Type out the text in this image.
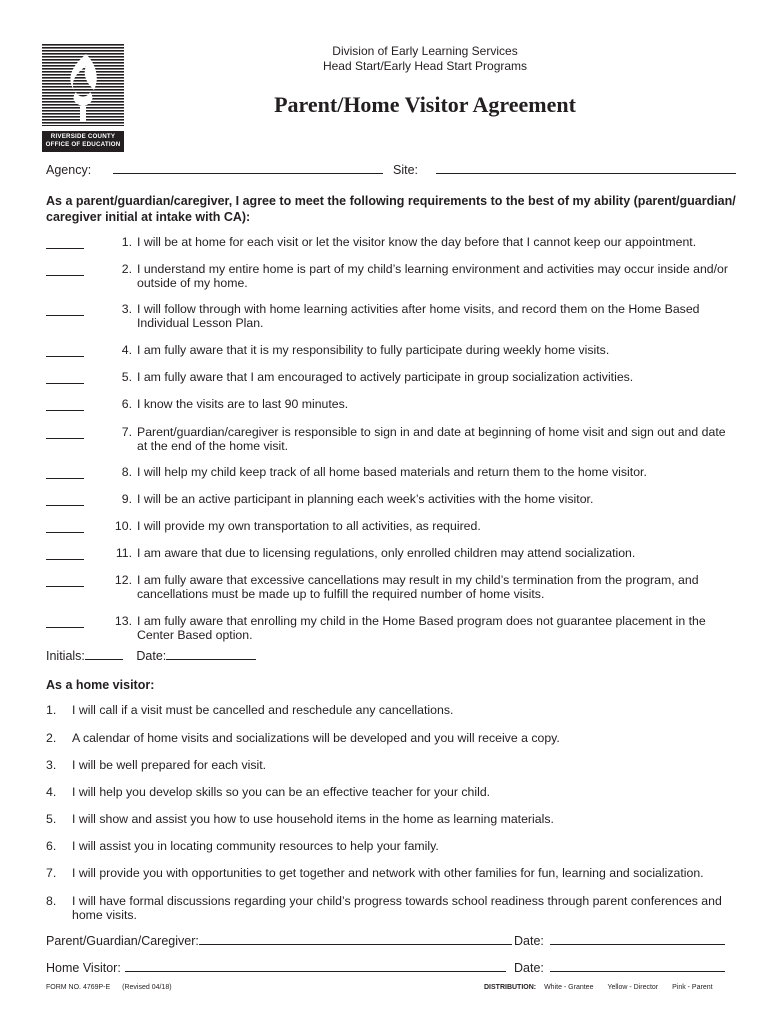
RIVERSIDE COUNTY
OFFICE OF EDUCATION
Division of Early Learning Services
Head Start/Early Head Start Programs
Parent/Home Visitor Agreement
Agency:	Site:
As a parent/guardian/caregiver, I agree to meet the following requirements to the best of my ability (parent/guardian/ caregiver initial at intake with CA):
1. I will be at home for each visit or let the visitor know the day before that I cannot keep our appointment.
2. I understand my entire home is part of my child’s learning environment and activities may occur inside and/or outside of my home.
3. I will follow through with home learning activities after home visits, and record them on the Home Based Individual Lesson Plan.
4. I am fully aware that it is my responsibility to fully participate during weekly home visits.
5. I am fully aware that I am encouraged to actively participate in group socialization activities.
6. I know the visits are to last 90 minutes.
7. Parent/guardian/caregiver is responsible to sign in and date at beginning of home visit and sign out and date at the end of the home visit.
8. I will help my child keep track of all home based materials and return them to the home visitor.
9. I will be an active participant in planning each week’s activities with the home visitor.
10. I will provide my own transportation to all activities, as required.
11. I am aware that due to licensing regulations, only enrolled children may attend socialization.
12. I am fully aware that excessive cancellations may result in my child’s termination from the program, and cancellations must be made up to fulfill the required number of home visits.
13. I am fully aware that enrolling my child in the Home Based program does not guarantee placement in the Center Based option.
Initials:	Date:
As a home visitor:
1. I will call if a visit must be cancelled and reschedule any cancellations.
2. A calendar of home visits and socializations will be developed and you will receive a copy.
3. I will be well prepared for each visit.
4. I will help you develop skills so you can be an effective teacher for your child.
5. I will show and assist you how to use household items in the home as learning materials.
6. I will assist you in locating community resources to help your family.
7. I will provide you with opportunities to get together and network with other families for fun, learning and socialization.
8. I will have formal discussions regarding your child’s progress towards school readiness through parent conferences and home visits.
Parent/Guardian/Caregiver:	Date:
Home Visitor:	Date:
FORM NO. 4769P-E (Revised 04/18)	DISTRIBUTION: White - Grantee Yellow - Director Pink - Parent
